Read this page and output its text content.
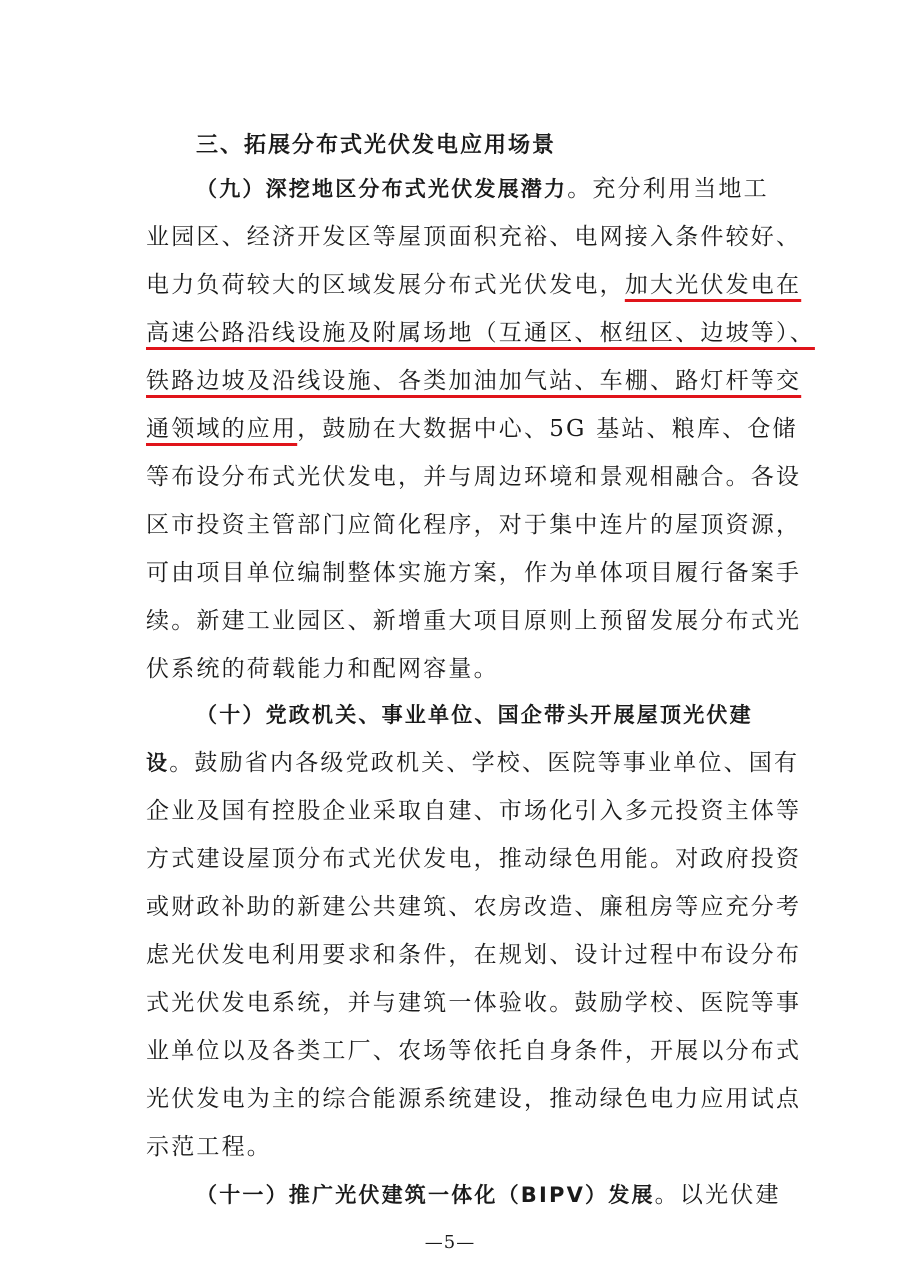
三、拓展分布式光伏发电应用场景
（九）深挖地区分布式光伏发展潜力。充分利用当地工
业园区、经济开发区等屋顶面积充裕、电网接入条件较好、
电力负荷较大的区域发展分布式光伏发电，加大光伏发电在
高速公路沿线设施及附属场地（互通区、枢纽区、边坡等）、
铁路边坡及沿线设施、各类加油加气站、车棚、路灯杆等交
通领域的应用，鼓励在大数据中心、5G 基站、粮库、仓储
等布设分布式光伏发电，并与周边环境和景观相融合。各设
区市投资主管部门应简化程序，对于集中连片的屋顶资源，
可由项目单位编制整体实施方案，作为单体项目履行备案手
续。新建工业园区、新增重大项目原则上预留发展分布式光
伏系统的荷载能力和配网容量。
（十）党政机关、事业单位、国企带头开展屋顶光伏建
设。鼓励省内各级党政机关、学校、医院等事业单位、国有
企业及国有控股企业采取自建、市场化引入多元投资主体等
方式建设屋顶分布式光伏发电，推动绿色用能。对政府投资
或财政补助的新建公共建筑、农房改造、廉租房等应充分考
虑光伏发电利用要求和条件，在规划、设计过程中布设分布
式光伏发电系统，并与建筑一体验收。鼓励学校、医院等事
业单位以及各类工厂、农场等依托自身条件，开展以分布式
光伏发电为主的综合能源系统建设，推动绿色电力应用试点
示范工程。
（十一）推广光伏建筑一体化（BIPV）发展。以光伏建
—5—
